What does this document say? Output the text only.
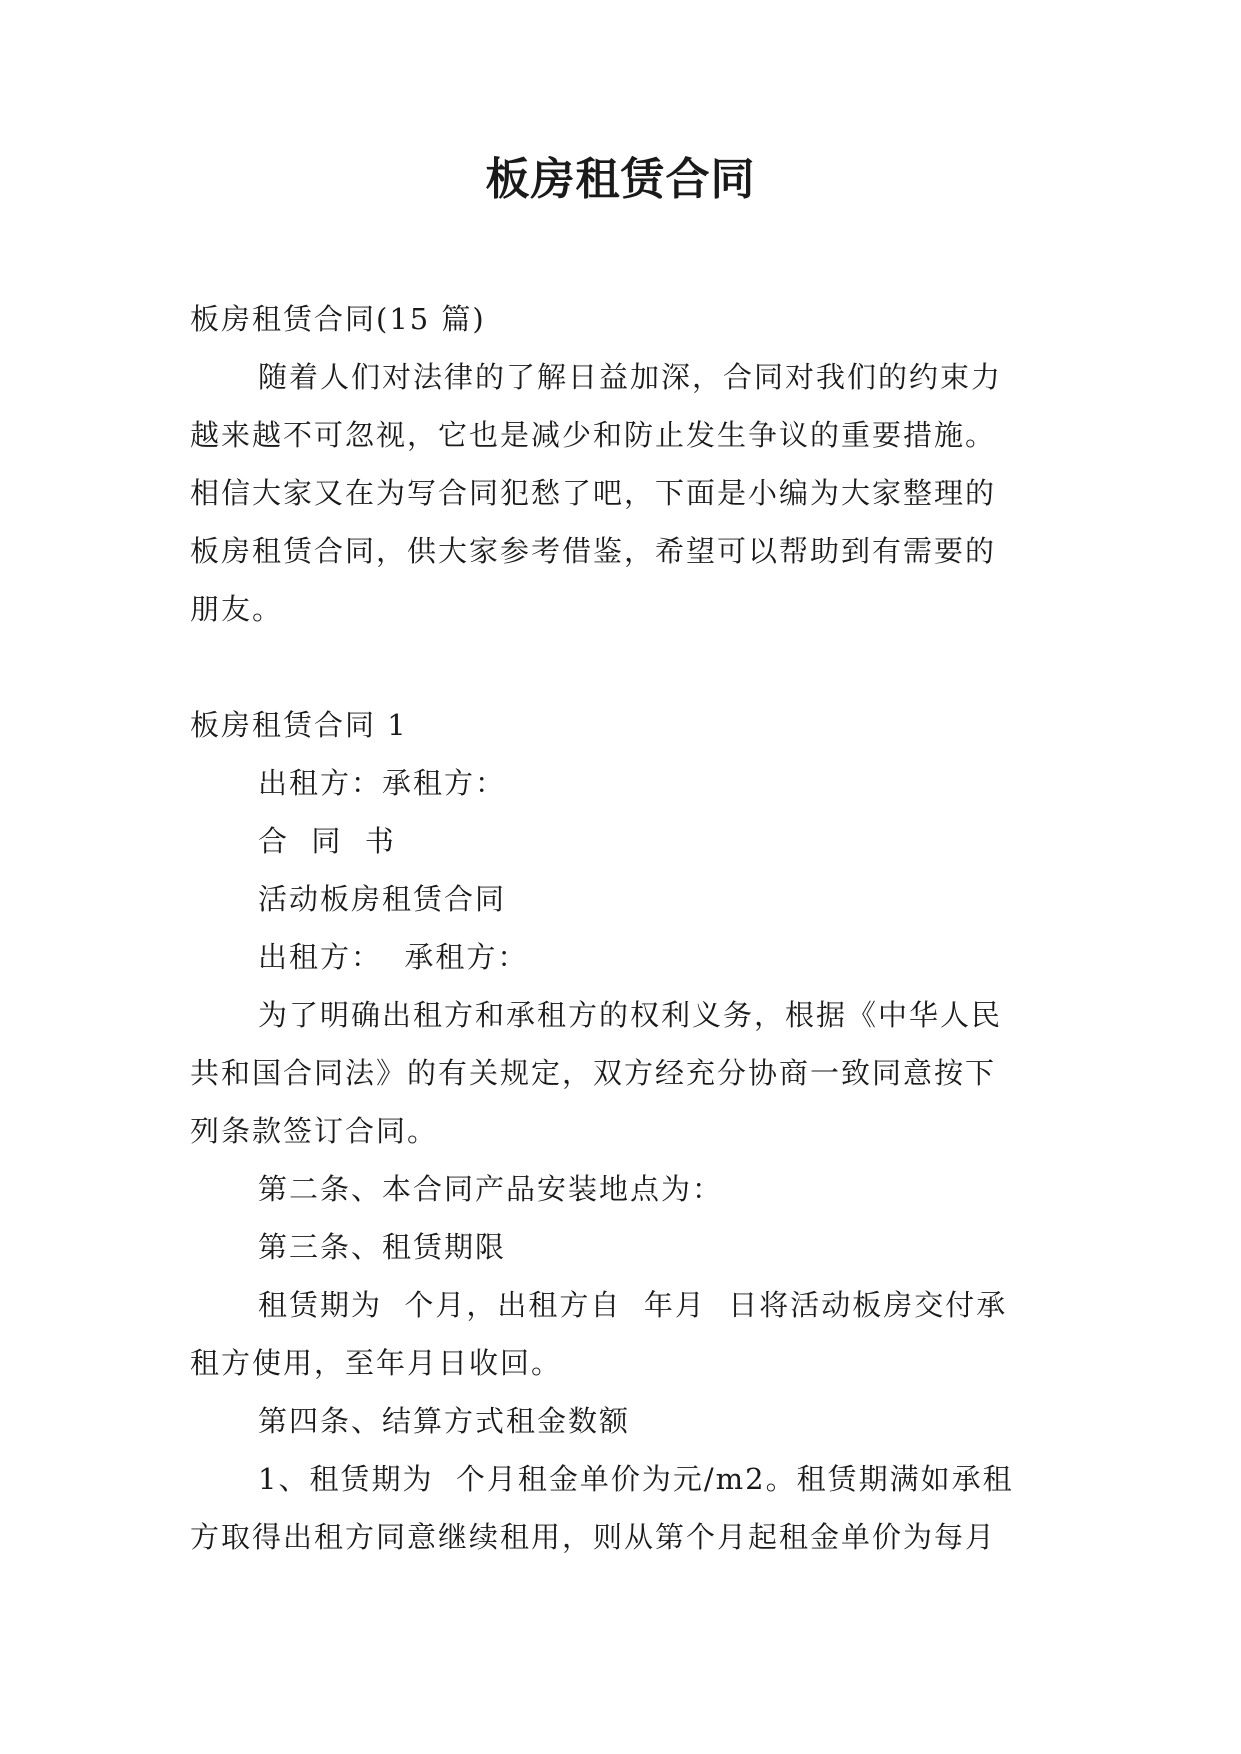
板房租赁合同

板房租赁合同(15 篇)

随着人们对法律的了解日益加深，合同对我们的约束力

越来越不可忽视，它也是减少和防止发生争议的重要措施。

相信大家又在为写合同犯愁了吧，下面是小编为大家整理的

板房租赁合同，供大家参考借鉴，希望可以帮助到有需要的

朋友。

板房租赁合同 1

出租方：承租方：

合  同  书

活动板房租赁合同

出租方：  承租方：

为了明确出租方和承租方的权利义务，根据《中华人民

共和国合同法》的有关规定，双方经充分协商一致同意按下

列条款签订合同。

第二条、本合同产品安装地点为：

第三条、租赁期限

租赁期为  个月，出租方自  年月  日将活动板房交付承

租方使用，至年月日收回。

第四条、结算方式租金数额

1、租赁期为  个月租金单价为元/m2。租赁期满如承租

方取得出租方同意继续租用，则从第个月起租金单价为每月
